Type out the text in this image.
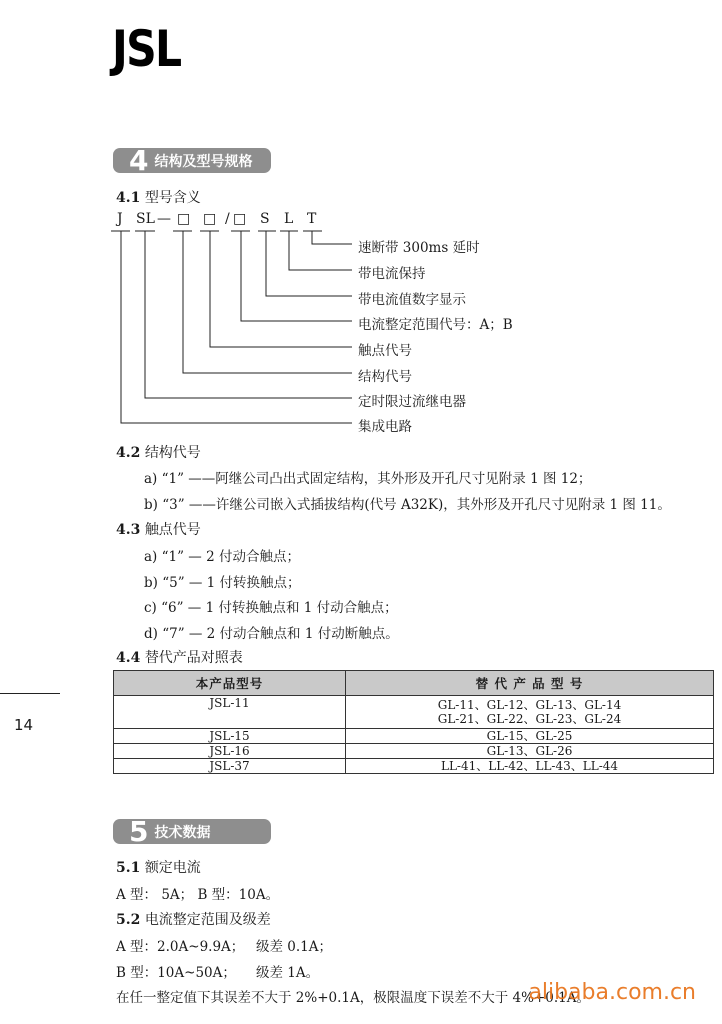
JSL
4 结构及型号规格
4.1 型号含义
J SL — □ □ / □ S L T
速断带 300ms 延时
带电流保持
带电流值数字显示
电流整定范围代号：A；B
触点代号
结构代号
定时限过流继电器
集成电路
4.2 结构代号
a) “1” ——阿继公司凸出式固定结构，其外形及开孔尺寸见附录 1 图 12；
b) “3” ——许继公司嵌入式插拔结构(代号 A32K)，其外形及开孔尺寸见附录 1 图 11。
4.3 触点代号
a) “1” — 2 付动合触点；
b) “5” — 1 付转换触点；
c) “6” — 1 付转换触点和 1 付动合触点；
d) “7” — 2 付动合触点和 1 付动断触点。
4.4 替代产品对照表
本产品型号	替 代 产 品 型 号
JSL-11	GL-11、GL-12、GL-13、GL-14
GL-21、GL-22、GL-23、GL-24

JSL-15	GL-15、GL-25
JSL-16	GL-13、GL-26
JSL-37	LL-41、LL-42、LL-43、LL-44
14
5 技术数据
5.1 额定电流
A 型： 5A； B 型：10A。
5.2 电流整定范围及级差
A 型：2.0A~9.9A； 级差 0.1A；
B 型：10A~50A； 级差 1A。
在任一整定值下其误差不大于 2%+0.1A，极限温度下误差不大于 4%+0.1A。
alibaba.com.cn
